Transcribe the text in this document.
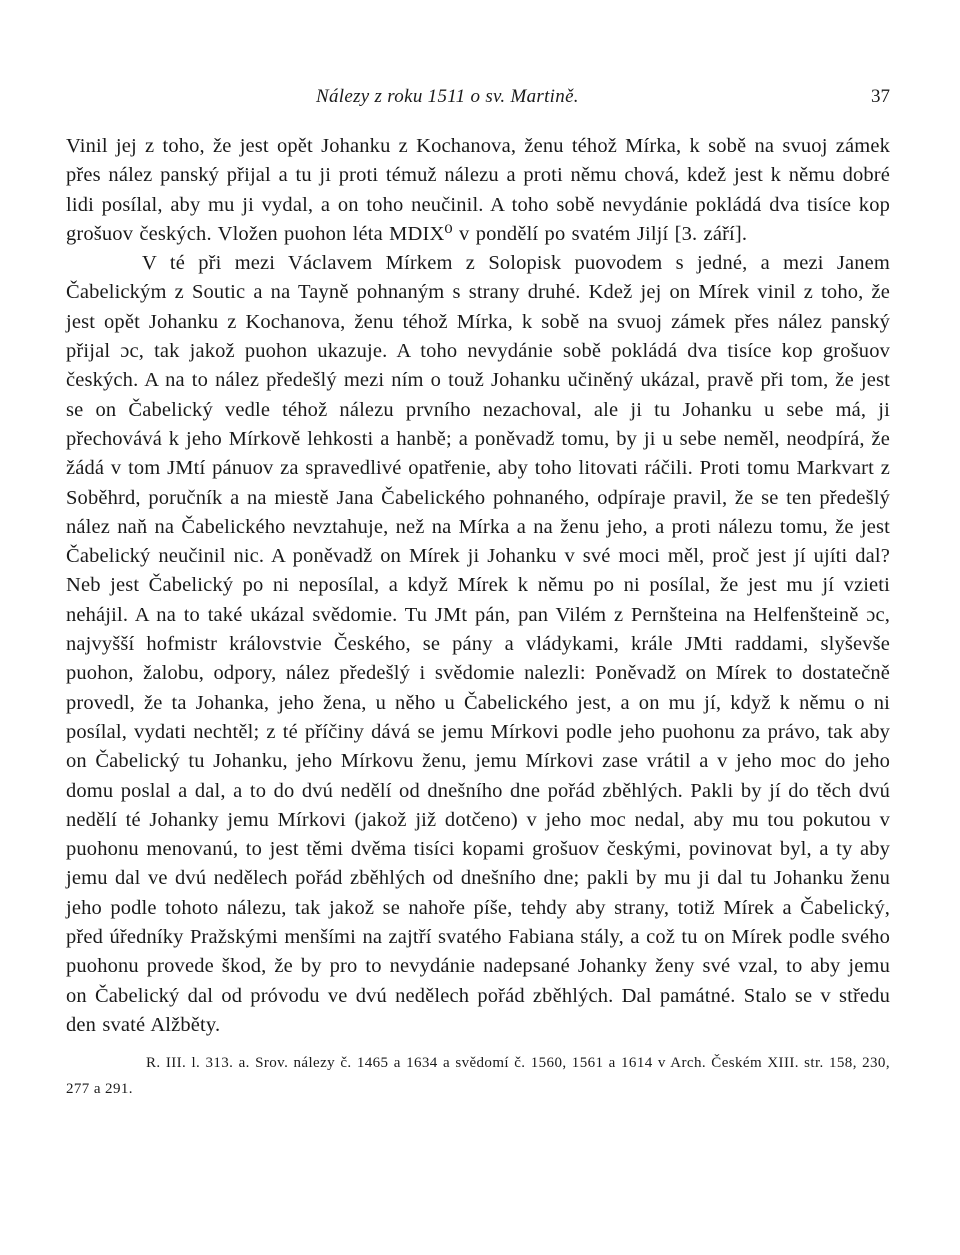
Nálezy z roku 1511 o sv. Martině.	37

Vinil jej z toho, že jest opět Johanku z Kochanova, ženu téhož Mírka, k sobě na svuoj zámek přes nález panský přijal a tu ji proti témuž nálezu a proti němu chová, kdež jest k němu dobré lidi posílal, aby mu ji vydal, a on toho neučinil. A toho sobě nevydánie pokládá dva tisíce kop grošuov českých. Vložen puohon léta MDIX⁰ v pondělí po svatém Jiljí [3. září].

V té při mezi Václavem Mírkem z Solopisk puovodem s jedné, a mezi Janem Čabelickým z Soutic a na Tayně pohnaným s strany druhé. Kdež jej on Mírek vinil z toho, že jest opět Johanku z Kochanova, ženu téhož Mírka, k sobě na svuoj zámek přes nález panský přijal ɔc, tak jakož puohon ukazuje. A toho nevydánie sobě pokládá dva tisíce kop grošuov českých. A na to nález předešlý mezi ním o touž Johanku učiněný ukázal, pravě při tom, že jest se on Čabelický vedle téhož nálezu prvního nezachoval, ale ji tu Johanku u sebe má, ji přechovává k jeho Mírkově lehkosti a hanbě; a poněvadž tomu, by ji u sebe neměl, neodpírá, že žádá v tom JMtí pánuov za spravedlivé opatřenie, aby toho litovati ráčili. Proti tomu Markvart z Soběhrd, poručník a na miestě Jana Čabelického pohnaného, odpíraje pravil, že se ten předešlý nález naň na Čabelického nevztahuje, než na Mírka a na ženu jeho, a proti nálezu tomu, že jest Čabelický neučinil nic. A poněvadž on Mírek ji Johanku v své moci měl, proč jest jí ujíti dal? Neb jest Čabelický po ni neposílal, a když Mírek k němu po ni posílal, že jest mu jí vzieti nehájil. A na to také ukázal svědomie. Tu JMt pán, pan Vilém z Pernšteina na Helfenšteině ɔc, najvyšší hofmistr královstvie Českého, se pány a vládykami, krále JMti raddami, slyševše puohon, žalobu, odpory, nález předešlý i svědomie nalezli: Poněvadž on Mírek to dostatečně provedl, že ta Johanka, jeho žena, u něho u Čabelického jest, a on mu jí, když k němu o ni posílal, vydati nechtěl; z té příčiny dává se jemu Mírkovi podle jeho puohonu za právo, tak aby on Čabelický tu Johanku, jeho Mírkovu ženu, jemu Mírkovi zase vrátil a v jeho moc do jeho domu poslal a dal, a to do dvú nedělí od dnešního dne pořád zběhlých. Pakli by jí do těch dvú nedělí té Johanky jemu Mírkovi (jakož již dotčeno) v jeho moc nedal, aby mu tou pokutou v puohonu menovanú, to jest těmi dvěma tisíci kopami grošuov českými, povinovat byl, a ty aby jemu dal ve dvú nedělech pořád zběhlých od dnešního dne; pakli by mu ji dal tu Johanku ženu jeho podle tohoto nálezu, tak jakož se nahoře píše, tehdy aby strany, totiž Mírek a Čabelický, před úředníky Pražskými menšími na zajtří svatého Fabiana stály, a což tu on Mírek podle svého puohonu provede škod, že by pro to nevydánie nadepsané Johanky ženy své vzal, to aby jemu on Čabelický dal od próvodu ve dvú nedělech pořád zběhlých. Dal památné. Stalo se v středu den svaté Alžběty.

R. III. l. 313. a. Srov. nálezy č. 1465 a 1634 a svědomí č. 1560, 1561 a 1614 v Arch. Českém XIII. str. 158, 230, 277 a 291.
